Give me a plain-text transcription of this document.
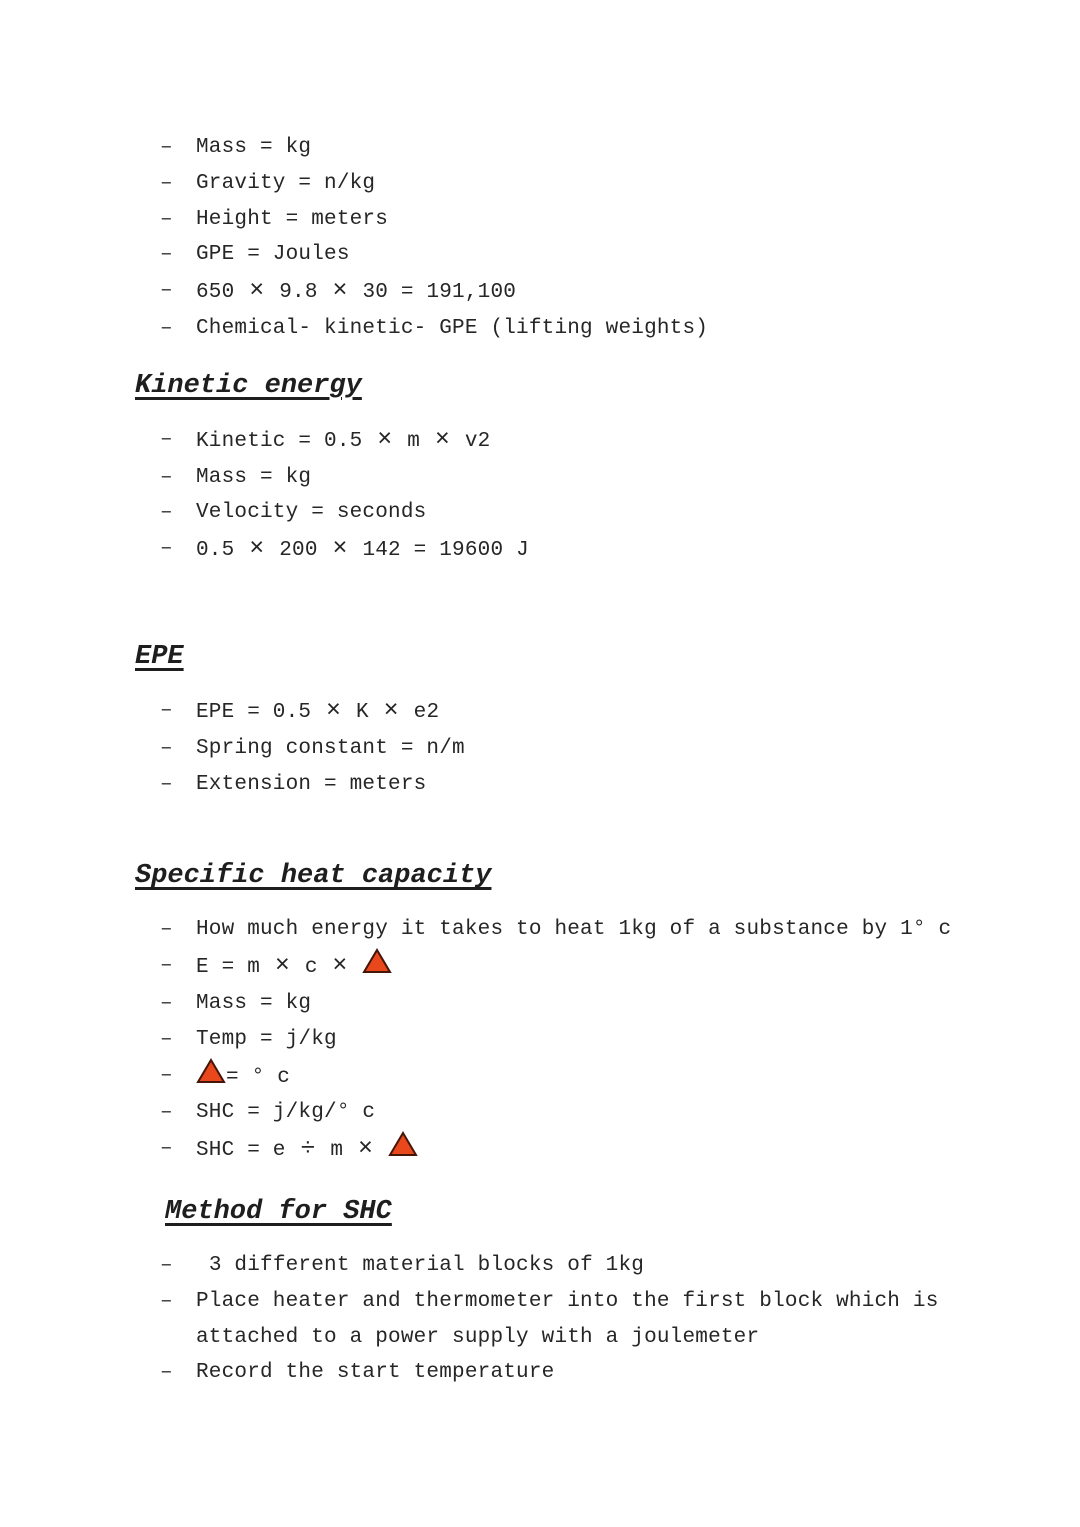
–	Mass = kg
–	Gravity = n/kg
–	Height = meters
–	GPE = Joules
–	650 × 9.8 × 30 = 191,100
–	Chemical- kinetic- GPE (lifting weights)
Kinetic energy
–	Kinetic = 0.5 × m × v2
–	Mass = kg
–	Velocity = seconds
–	0.5 × 200 × 142 = 19600 J
EPE
–	EPE = 0.5 × K × e2
–	Spring constant = n/m
–	Extension = meters
Specific heat capacity
–	How much energy it takes to heat 1kg of a substance by 1° c
–	E = m × c ×
–	Mass = kg
–	Temp = j/kg
–	= ° c
–	SHC = j/kg/° c
–	SHC = e ÷ m ×
Method for SHC
–	3 different material blocks of 1kg
–	Place heater and thermometer into the first block which is attached to a power supply with a joulemeter
–	Record the start temperature
